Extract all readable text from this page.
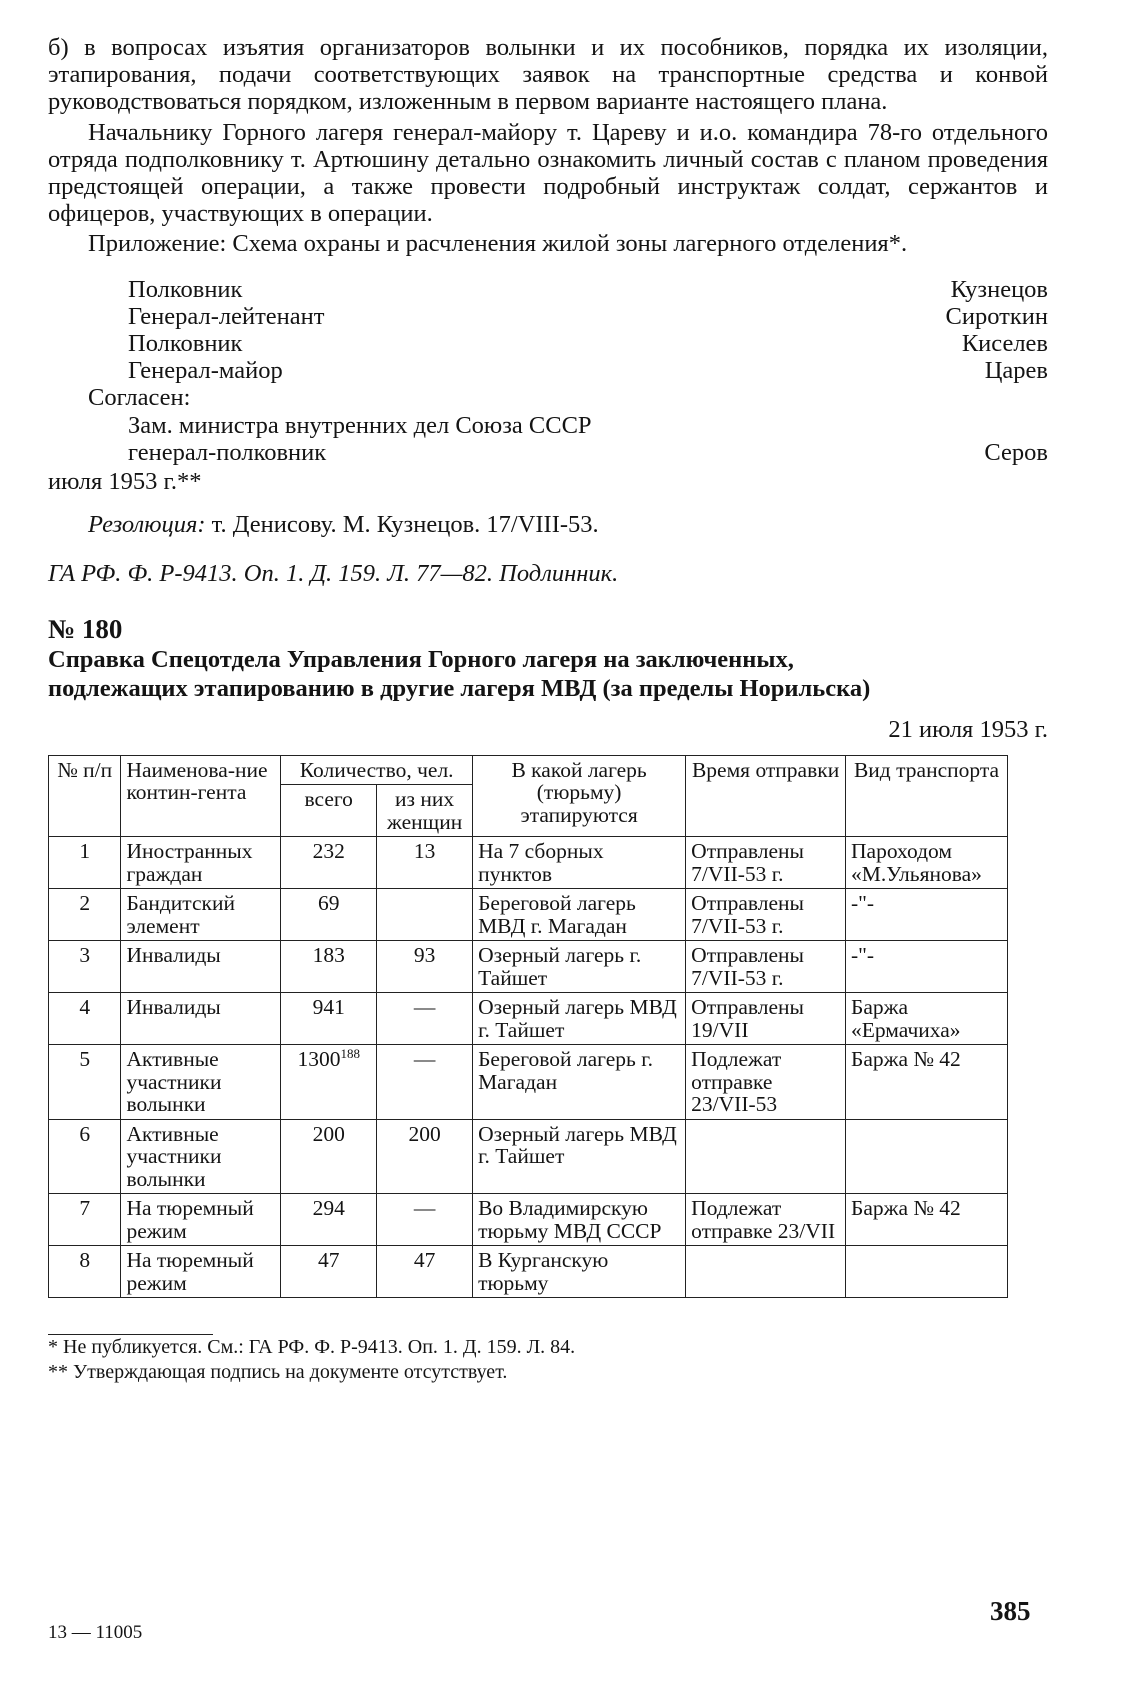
б) в вопросах изъятия организаторов волынки и их пособников, порядка их изоляции, этапирования, подачи соответствующих заявок на транспортные средства и конвой руководствоваться порядком, изложенным в первом варианте настоящего плана.

Начальнику Горного лагеря генерал-майору т. Цареву и и.о. командира 78-го отдельного отряда подполковнику т. Артюшину детально ознакомить личный состав с планом проведения предстоящей операции, а также провести подробный инструктаж солдат, сержантов и офицеров, участвующих в операции.

Приложение: Схема охраны и расчленения жилой зоны лагерного отделения*.

Полковник	Кузнецов
Генерал-лейтенант	Сироткин
Полковник	Киселев
Генерал-майор	Царев

Согласен:

Зам. министра внутренних дел Союза СССР
генерал-полковник	Серов
июля 1953 г.**
Резолюция: т. Денисову. М. Кузнецов. 17/VIII-53.
ГА РФ. Ф. Р-9413. Оп. 1. Д. 159. Л. 77—82. Подлинник.
№ 180
Справка Спецотдела Управления Горного лагеря на заключенных,
подлежащих этапированию в другие лагеря МВД (за пределы Норильска)
21 июля 1953 г.
№ п/п	Наименова-ние контин-гента	Количество, чел.		В какой лагерь (тюрьму) этапируются	Время отправки	Вид транспорта
		всего	из них женщин			
1	Иностранных граждан	232	13	На 7 сборных пунктов	Отправлены 7/VII-53 г.	Пароходом «М.Ульянова»
2	Бандитский элемент	69		Береговой лагерь МВД г. Магадан	Отправлены 7/VII-53 г.	-"-
3	Инвалиды	183	93	Озерный лагерь г. Тайшет	Отправлены 7/VII-53 г.	-"-
4	Инвалиды	941	—	Озерный лагерь МВД г. Тайшет	Отправлены 19/VII	Баржа «Ермачиха»
5	Активные участники волынки	1300$^{188}$	—	Береговой лагерь г. Магадан	Подлежат отправке 23/VII-53	Баржа № 42
6	Активные участники волынки	200	200	Озерный лагерь МВД г. Тайшет		
7	На тюремный режим	294	—	Во Владимирскую тюрьму МВД СССР	Подлежат отправке 23/VII	Баржа № 42
8	На тюремный режим	47	47	В Курганскую тюрьму		
* Не публикуется. См.: ГА РФ. Ф. Р-9413. Оп. 1. Д. 159. Л. 84.
** Утверждающая подпись на документе отсутствует.
385
13 — 11005
